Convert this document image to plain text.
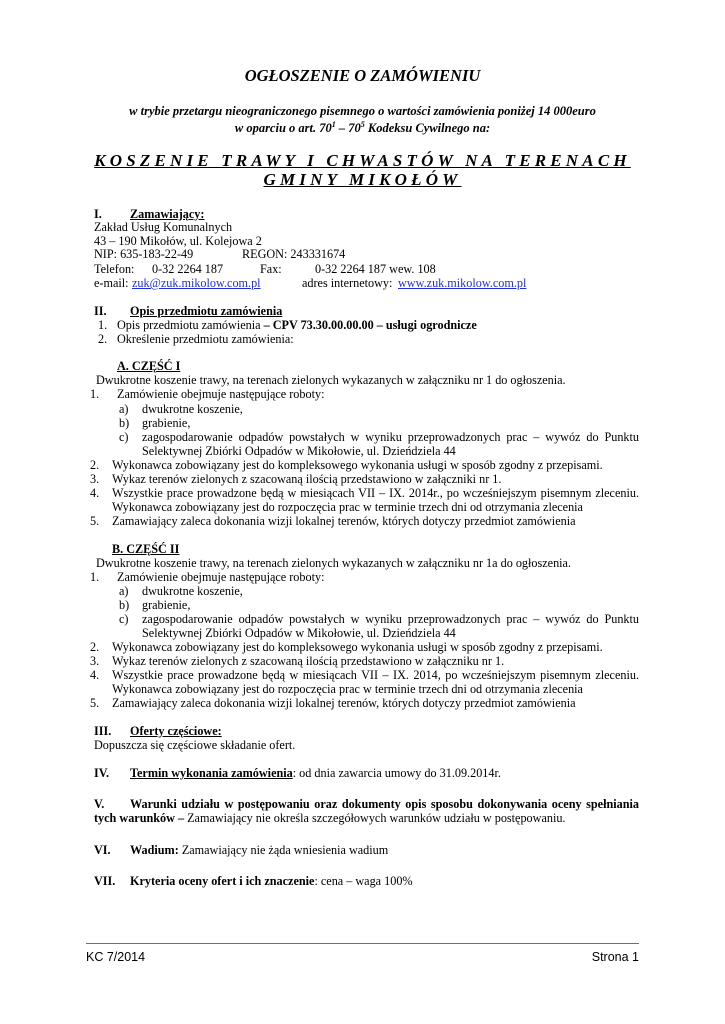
OGŁOSZENIE O ZAMÓWIENIU
w trybie przetargu nieograniczonego pisemnego o wartości zamówienia poniżej 14 000euro
w oparciu o art. $70^1 - 70^5$ Kodeksu Cywilnego na:
KOSZENIE TRAWY I CHWASTÓW NA TERENACH
GMINY MIKOŁÓW
I. Zamawiający:
Zakład Usług Komunalnych
43 – 190 Mikołów, ul. Kolejowa 2
NIP: 635-183-22-49	REGON: 243331674
Telefon: 0-32 2264 187	Fax:	0-32 2264 187 wew. 108
e-mail: zuk@zuk.mikolow.com.pl	adres internetowy: www.zuk.mikolow.com.pl
II. Opis przedmiotu zamówienia
1. Opis przedmiotu zamówienia – CPV 73.30.00.00.00 – usługi ogrodnicze
2. Określenie przedmiotu zamówienia:
A. CZĘŚĆ I
Dwukrotne koszenie trawy, na terenach zielonych wykazanych w załączniku nr 1 do ogłoszenia.
1. Zamówienie obejmuje następujące roboty:
a) dwukrotne koszenie,
b) grabienie,
c) zagospodarowanie odpadów powstałych w wyniku przeprowadzonych prac – wywóz do Punktu
Selektywnej Zbiórki Odpadów w Mikołowie, ul. Dzieńdziela 44
2. Wykonawca zobowiązany jest do kompleksowego wykonania usługi w sposób zgodny z przepisami.
3. Wykaz terenów zielonych z szacowaną ilością przedstawiono w załączniki nr 1.
4. Wszystkie prace prowadzone będą w miesiącach VII – IX. 2014r., po wcześniejszym pisemnym zleceniu.
Wykonawca zobowiązany jest do rozpoczęcia prac w terminie trzech dni od otrzymania zlecenia
5. Zamawiający zaleca dokonania wizji lokalnej terenów, których dotyczy przedmiot zamówienia
B. CZĘŚĆ II
Dwukrotne koszenie trawy, na terenach zielonych wykazanych w załączniku nr 1a do ogłoszenia.
1. Zamówienie obejmuje następujące roboty:
a) dwukrotne koszenie,
b) grabienie,
c) zagospodarowanie odpadów powstałych w wyniku przeprowadzonych prac – wywóz do Punktu
Selektywnej Zbiórki Odpadów w Mikołowie, ul. Dzieńdziela 44
2. Wykonawca zobowiązany jest do kompleksowego wykonania usługi w sposób zgodny z przepisami.
3. Wykaz terenów zielonych z szacowaną ilością przedstawiono w załączniku nr 1.
4. Wszystkie prace prowadzone będą w miesiącach VII – IX. 2014, po wcześniejszym pisemnym zleceniu.
Wykonawca zobowiązany jest do rozpoczęcia prac w terminie trzech dni od otrzymania zlecenia
5. Zamawiający zaleca dokonania wizji lokalnej terenów, których dotyczy przedmiot zamówienia
III. Oferty częściowe:
Dopuszcza się częściowe składanie ofert.
IV. Termin wykonania zamówienia: od dnia zawarcia umowy do 31.09.2014r.
V. Warunki udziału w postępowaniu oraz dokumenty opis sposobu dokonywania oceny spełniania
tych warunków – Zamawiający nie określa szczegółowych warunków udziału w postępowaniu.
VI. Wadium: Zamawiający nie żąda wniesienia wadium
VII. Kryteria oceny ofert i ich znaczenie: cena – waga 100%
KC 7/2014	Strona 1
